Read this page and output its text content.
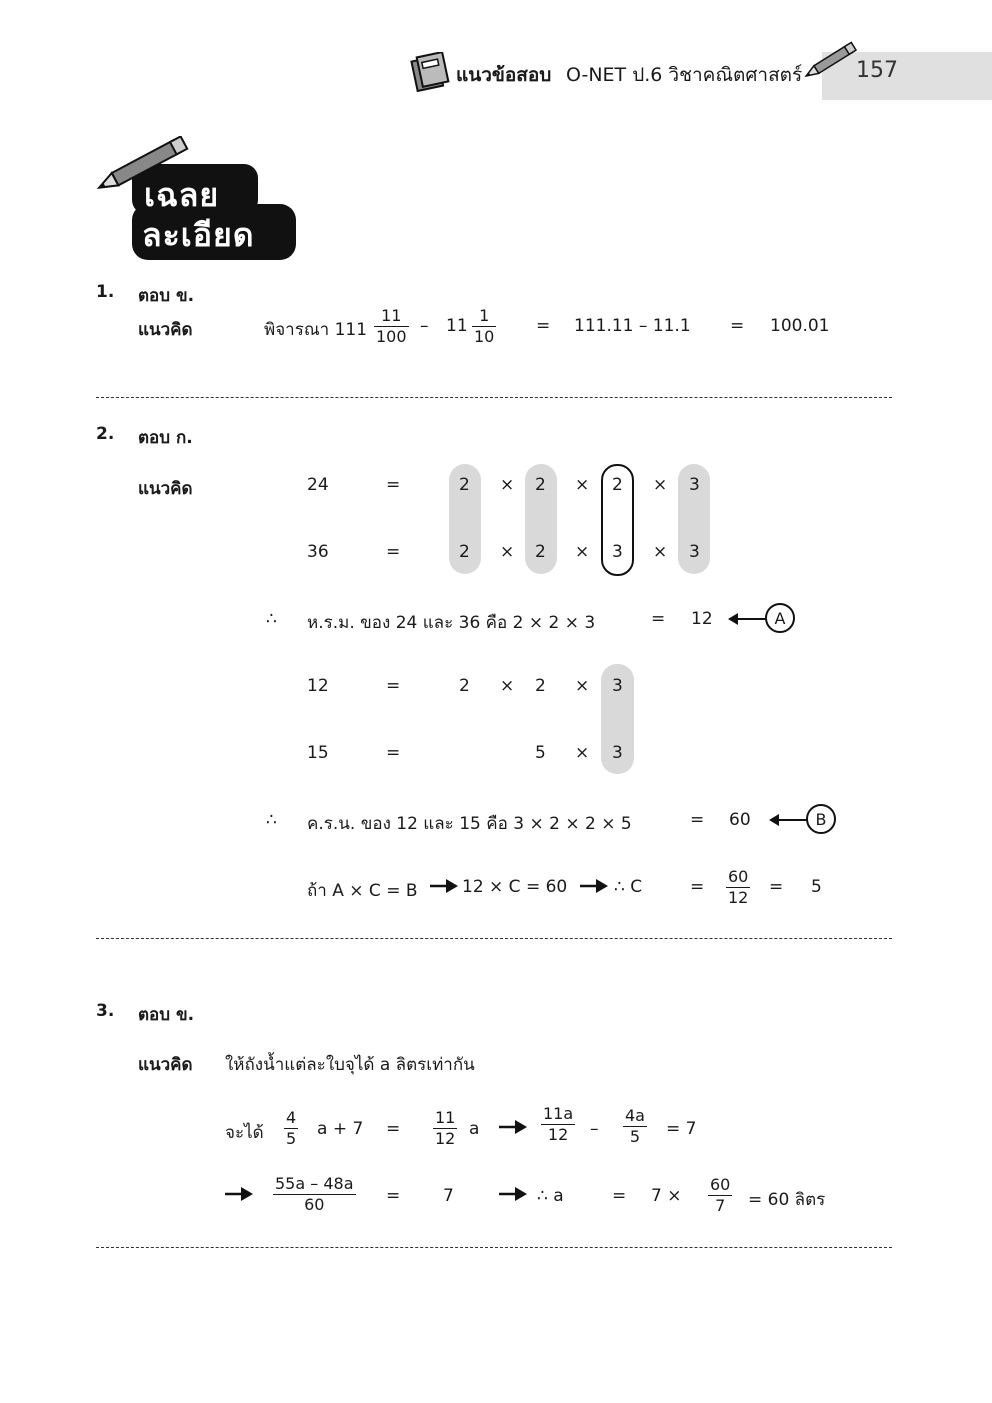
แนวข้อสอบ O-NET ป.6 วิชาคณิตศาสตร์ 157
เฉลย
ละเอียด
1. ตอบ ข.
แนวคิด	พิจารณา 111
11
100
– 11
1
10
= 111.11 – 11.1 = 100.01
2. ตอบ ก.
แนวคิด	24	=	2 × 2 × 2 × 3
36	=	2 × 2 × 3 × 3
∴ ห.ร.ม. ของ 24 และ 36 คือ 2 × 2 × 3	= 12	A
12	=	2 × 2 × 3
15	=	5 × 3
∴ ค.ร.น. ของ 12 และ 15 คือ 3 × 2 × 2 × 5	= 60	B
ถ้า A × C = B	12 × C = 60	∴ C	=
60
12
= 5
3. ตอบ ข.
แนวคิด ให้ถังน้ำแต่ละใบจุได้ a ลิตรเท่ากัน
จะได้
4
5 a + 7 =
11
12 a
11a
12 –
4a
5 = 7
55a – 48a
60	=	7	∴ a	= 7 ×
60
7 = 60 ลิตร
